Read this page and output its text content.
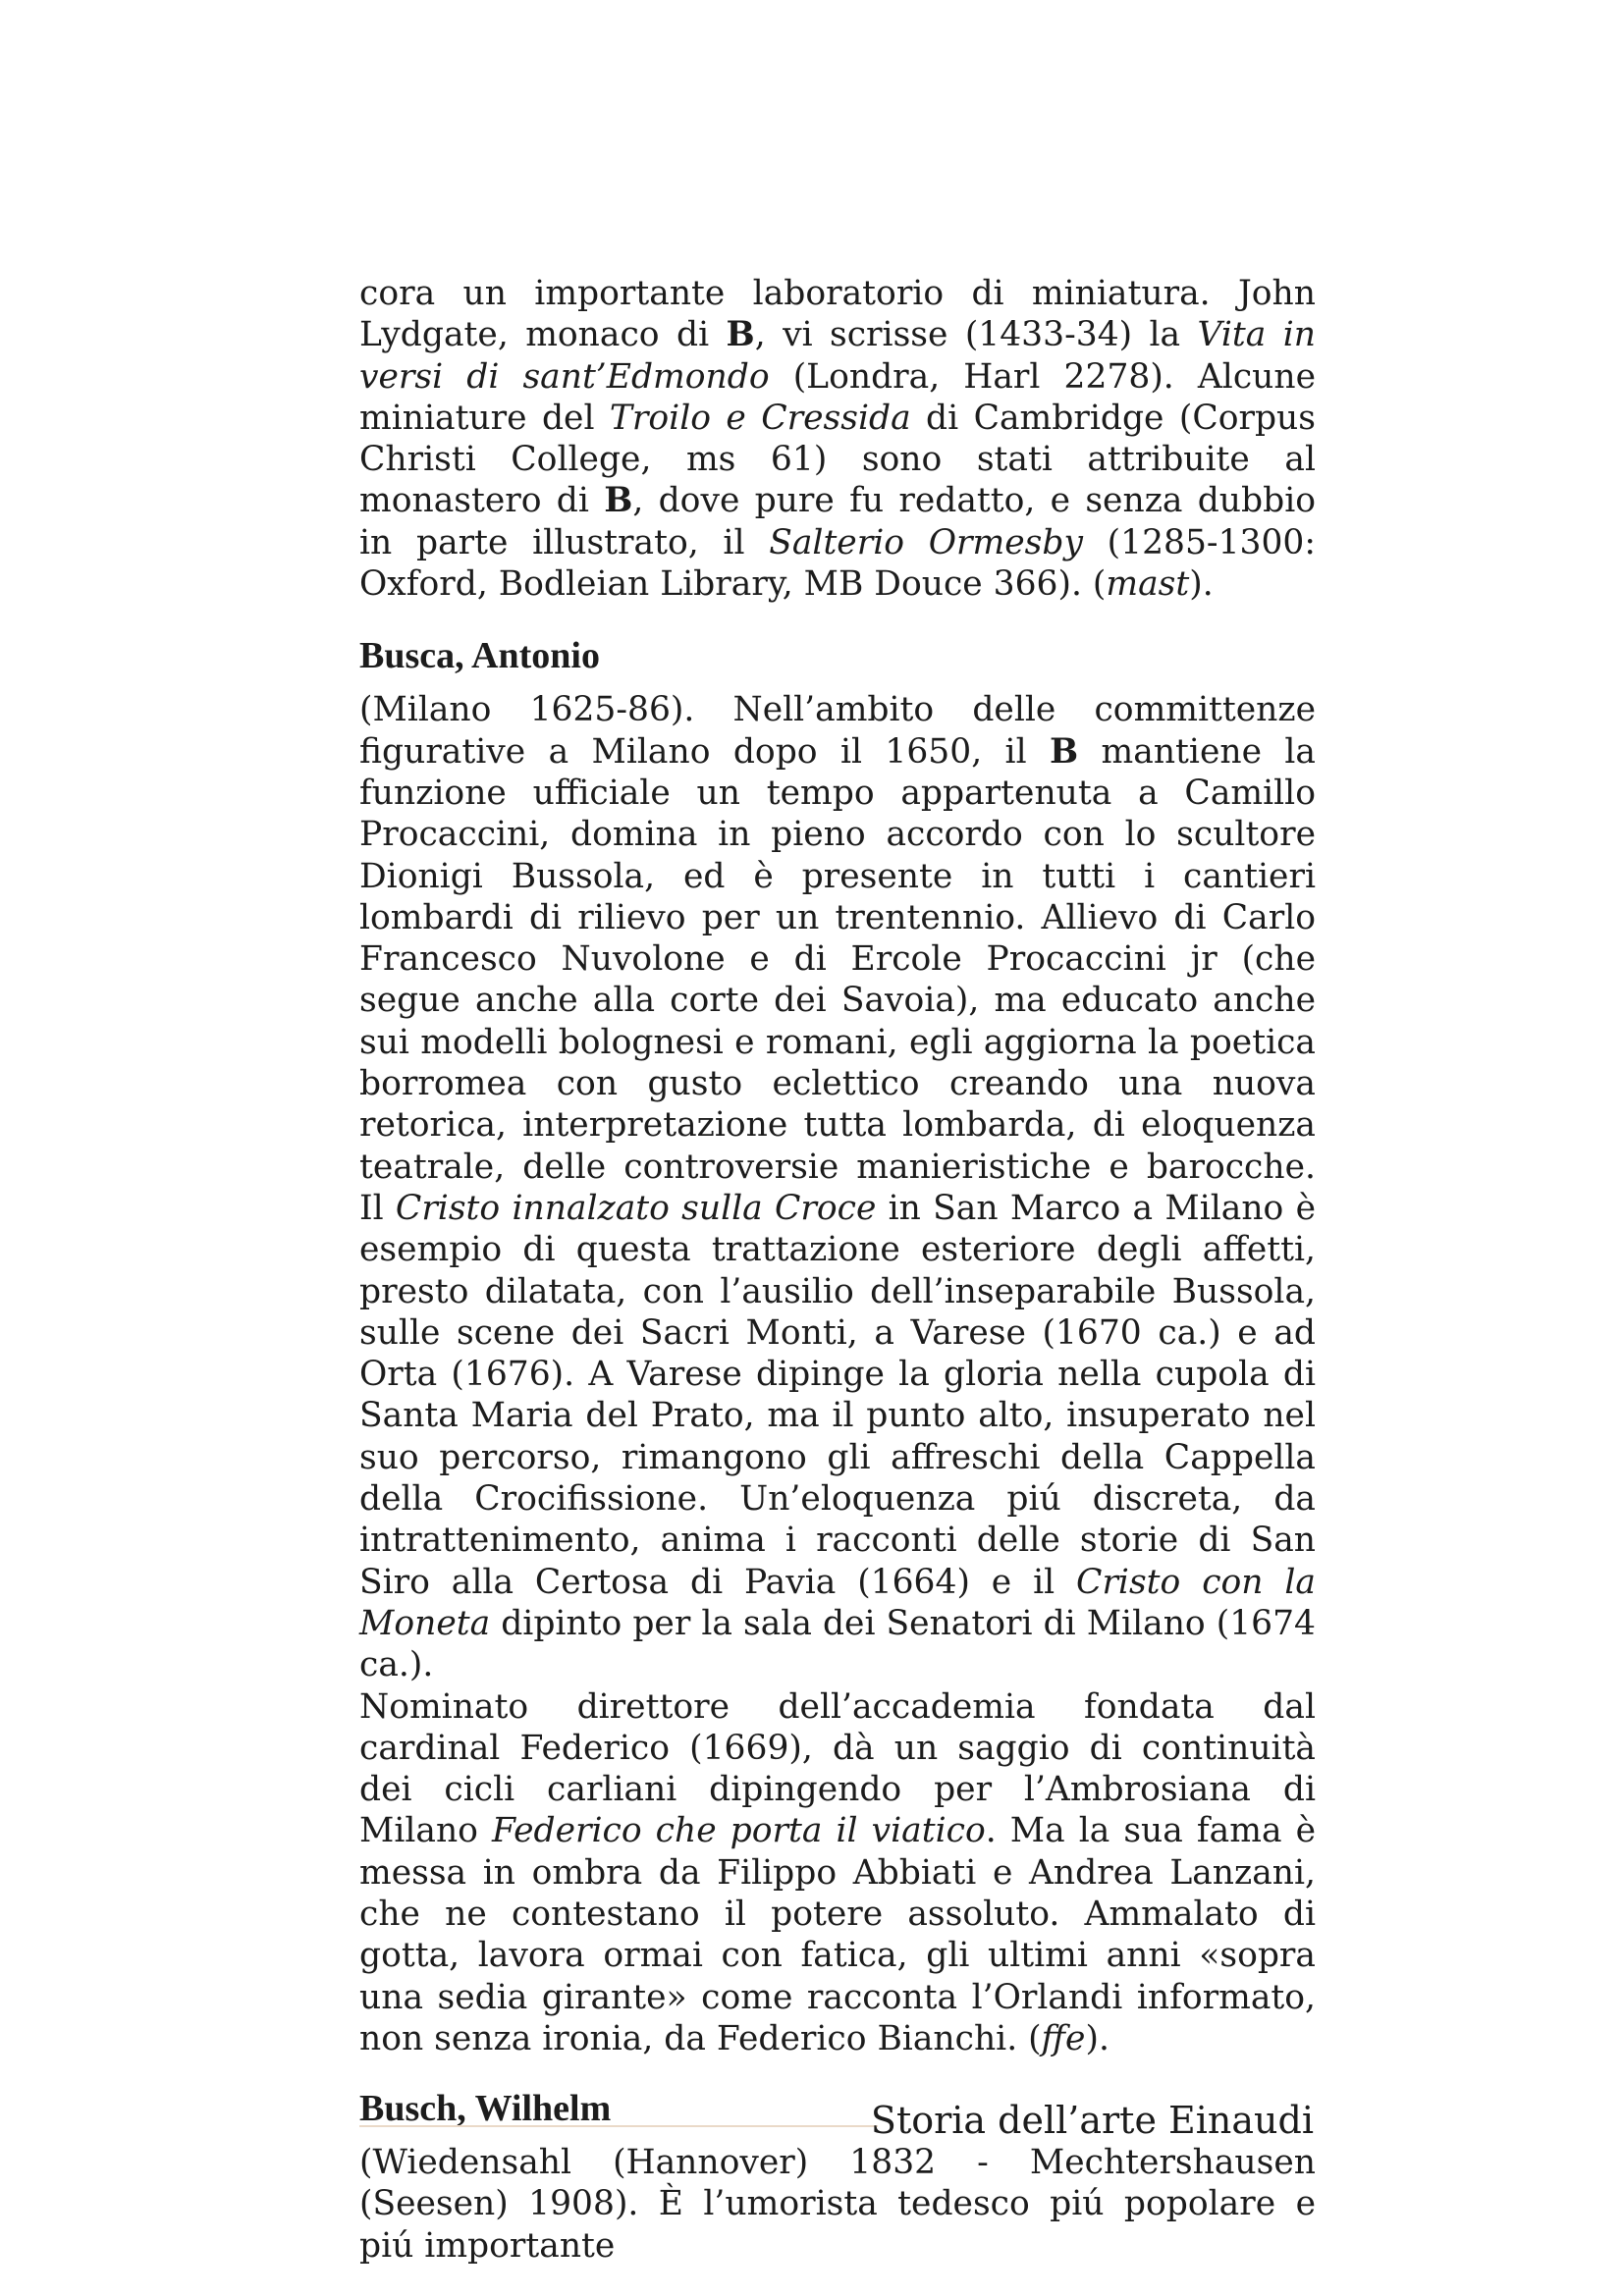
cora un importante laboratorio di miniatura. John Lydgate, monaco di B, vi scrisse (1433-34) la Vita in versi di sant’Edmondo (Londra, Harl 2278). Alcune miniature del Troilo e Cressida di Cambridge (Corpus Christi College, ms 61) sono stati attribuite al monastero di B, dove pure fu redatto, e senza dubbio in parte illustrato, il Salterio Ormesby (1285-1300: Oxford, Bodleian Library, MB Douce 366). (mast).

Busca, Antonio

(Milano 1625-86). Nell’ambito delle committenze figurative a Milano dopo il 1650, il B mantiene la funzione ufficiale un tempo appartenuta a Camillo Procaccini, domina in pieno accordo con lo scultore Dionigi Bussola, ed è presente in tutti i cantieri lombardi di rilievo per un trentennio. Allievo di Carlo Francesco Nuvolone e di Ercole Procaccini jr (che segue anche alla corte dei Savoia), ma educato anche sui modelli bolognesi e romani, egli aggiorna la poetica borromea con gusto eclettico creando una nuova retorica, interpretazione tutta lombarda, di eloquenza teatrale, delle controversie manieristiche e barocche. Il Cristo innalzato sulla Croce in San Marco a Milano è esempio di questa trattazione esteriore degli affetti, presto dilatata, con l’ausilio dell’inseparabile Bussola, sulle scene dei Sacri Monti, a Varese (1670 ca.) e ad Orta (1676). A Varese dipinge la gloria nella cupola di Santa Maria del Prato, ma il punto alto, insuperato nel suo percorso, rimangono gli affreschi della Cappella della Crocifissione. Un’eloquenza piú discreta, da intrattenimento, anima i racconti delle storie di San Siro alla Certosa di Pavia (1664) e il Cristo con la Moneta dipinto per la sala dei Senatori di Milano (1674 ca.).

Nominato direttore dell’accademia fondata dal cardinal Federico (1669), dà un saggio di continuità dei cicli carliani dipingendo per l’Ambrosiana di Milano Federico che porta il viatico. Ma la sua fama è messa in ombra da Filippo Abbiati e Andrea Lanzani, che ne contestano il potere assoluto. Ammalato di gotta, lavora ormai con fatica, gli ultimi anni «sopra una sedia girante» come racconta l’Orlandi informato, non senza ironia, da Federico Bianchi. (ffe).

Busch, Wilhelm

(Wiedensahl (Hannover) 1832 - Mechtershausen (Seesen) 1908). È l’umorista tedesco piú popolare e piú importante

Storia dell’arte Einaudi
